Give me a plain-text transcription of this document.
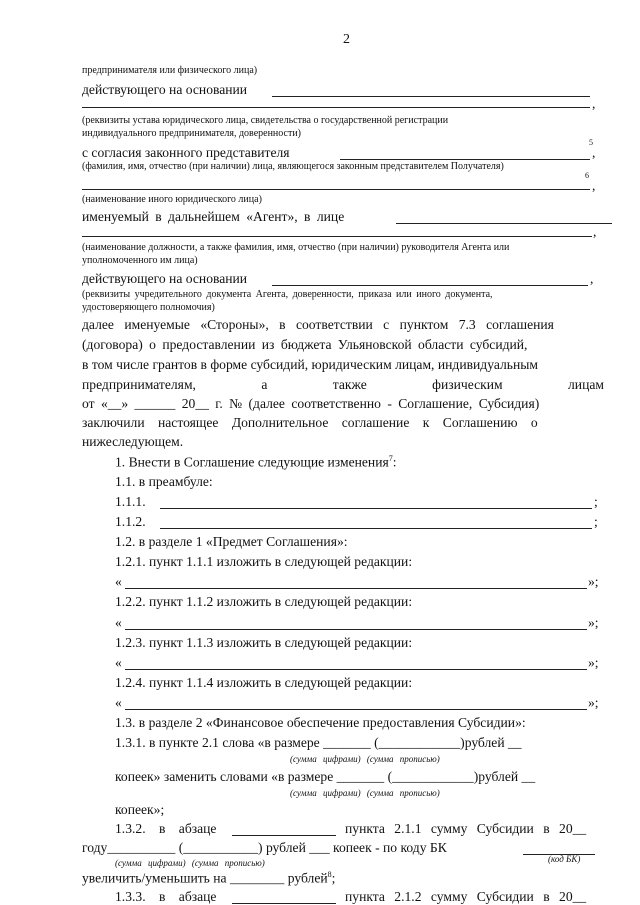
2
предпринимателя или физического лица)
действующего на основании
,
(реквизиты устава юридического лица, свидетельства о государственной регистрации
индивидуального предпринимателя, доверенности)
5
с согласия законного представителя	,
(фамилия, имя, отчество (при наличии) лица, являющегося законным представителем Получателя)
6
,
(наименование иного юридического лица)
именуемый в дальнейшем «Агент», в лице
,
(наименование должности, а также фамилия, имя, отчество (при наличии) руководителя Агента или
уполномоченного им лица)
действующего на основании	,
(реквизиты учредительного документа Агента, доверенности, приказа или иного документа,
удостоверяющего полномочия)
далее именуемые «Стороны», в соответствии с пунктом 7.3 соглашения
(договора) о предоставлении из бюджета Ульяновской области субсидий,
в том числе грантов в форме субсидий, юридическим лицам, индивидуальным
предпринимателям, а также физическим лицам
от «__» ______ 20__ г. № (далее соответственно - Соглашение, Субсидия)
заключили настоящее Дополнительное соглашение к Соглашению о
нижеследующем.
1. Внести в Соглашение следующие изменения$^7$:
1.1. в преамбуле:
1.1.1.	;
1.1.2.	;
1.2. в разделе 1 «Предмет Соглашения»:
1.2.1. пункт 1.1.1 изложить в следующей редакции:
«	»;
1.2.2. пункт 1.1.2 изложить в следующей редакции:
«	»;
1.2.3. пункт 1.1.3 изложить в следующей редакции:
«	»;
1.2.4. пункт 1.1.4 изложить в следующей редакции:
«	»;
1.3. в разделе 2 «Финансовое обеспечение предоставления Субсидии»:
1.3.1. в пункте 2.1 слова «в размере _______ (____________)рублей __
(сумма цифрами) (сумма прописью)
копеек» заменить словами «в размере _______ (____________)рублей __
(сумма цифрами) (сумма прописью)
копеек»;
1.3.2. в абзаце	пункта 2.1.1 сумму Субсидии в 20__
году__________ (___________) рублей ___ копеек - по коду БК
(сумма цифрами) (сумма прописью)	(код БК)
увеличить/уменьшить на ________ рублей$^8$;
1.3.3. в абзаце	пункта 2.1.2 сумму Субсидии в 20__
